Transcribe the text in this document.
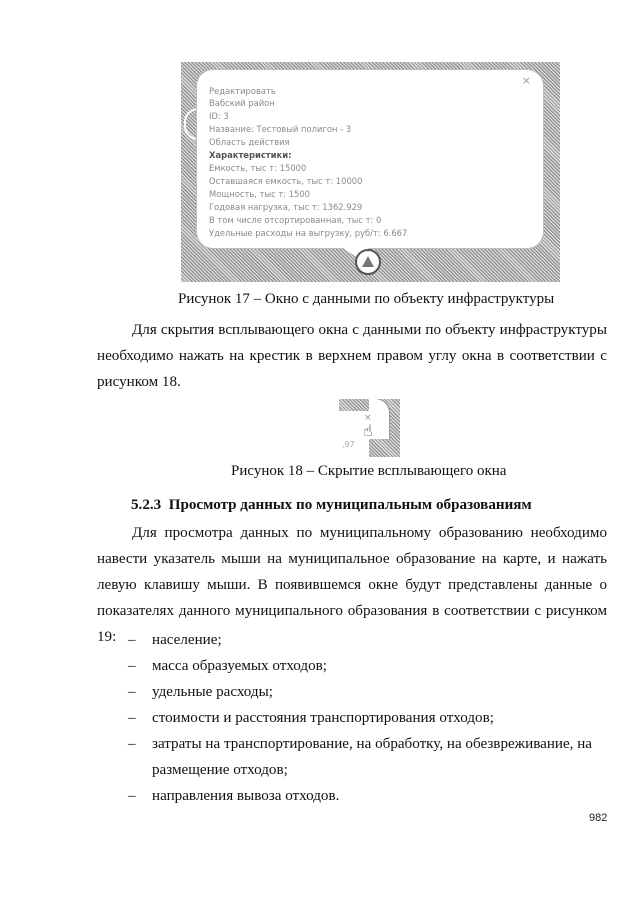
×
Редактировать
Вабский район
ID: 3
Название: Тестовый полигон - 3
Область действия
Характеристики:
Емкость, тыс т: 15000
Оставшаяся емкость, тыс т: 10000
Мощность, тыс т: 1500
Годовая нагрузка, тыс т: 1362.929
В том числе отсортированная, тыс т: 0
Удельные расходы на выгрузку, руб/т: 6.667
Рисунок 17 – Окно с данными по объекту инфраструктуры
Для скрытия всплывающего окна с данными по объекту инфраструктуры необходимо нажать на крестик в верхнем правом углу окна в соответствии с рисунком 18.
×
☝
,97
Рисунок 18 – Скрытие всплывающего окна
5.2.3 Просмотр данных по муниципальным образованиям
Для просмотра данных по муниципальному образованию необходимо навести указатель мыши на муниципальное образование на карте, и нажать левую клавишу мыши. В появившемся окне будут представлены данные о показателях данного муниципального образования в соответствии с рисунком 19: – население;
– масса образуемых отходов;
– удельные расходы;
– стоимости и расстояния транспортирования отходов;
– затраты на транспортирование, на обработку, на обезвреживание, на
размещение отходов;
– направления вывоза отходов.
982
